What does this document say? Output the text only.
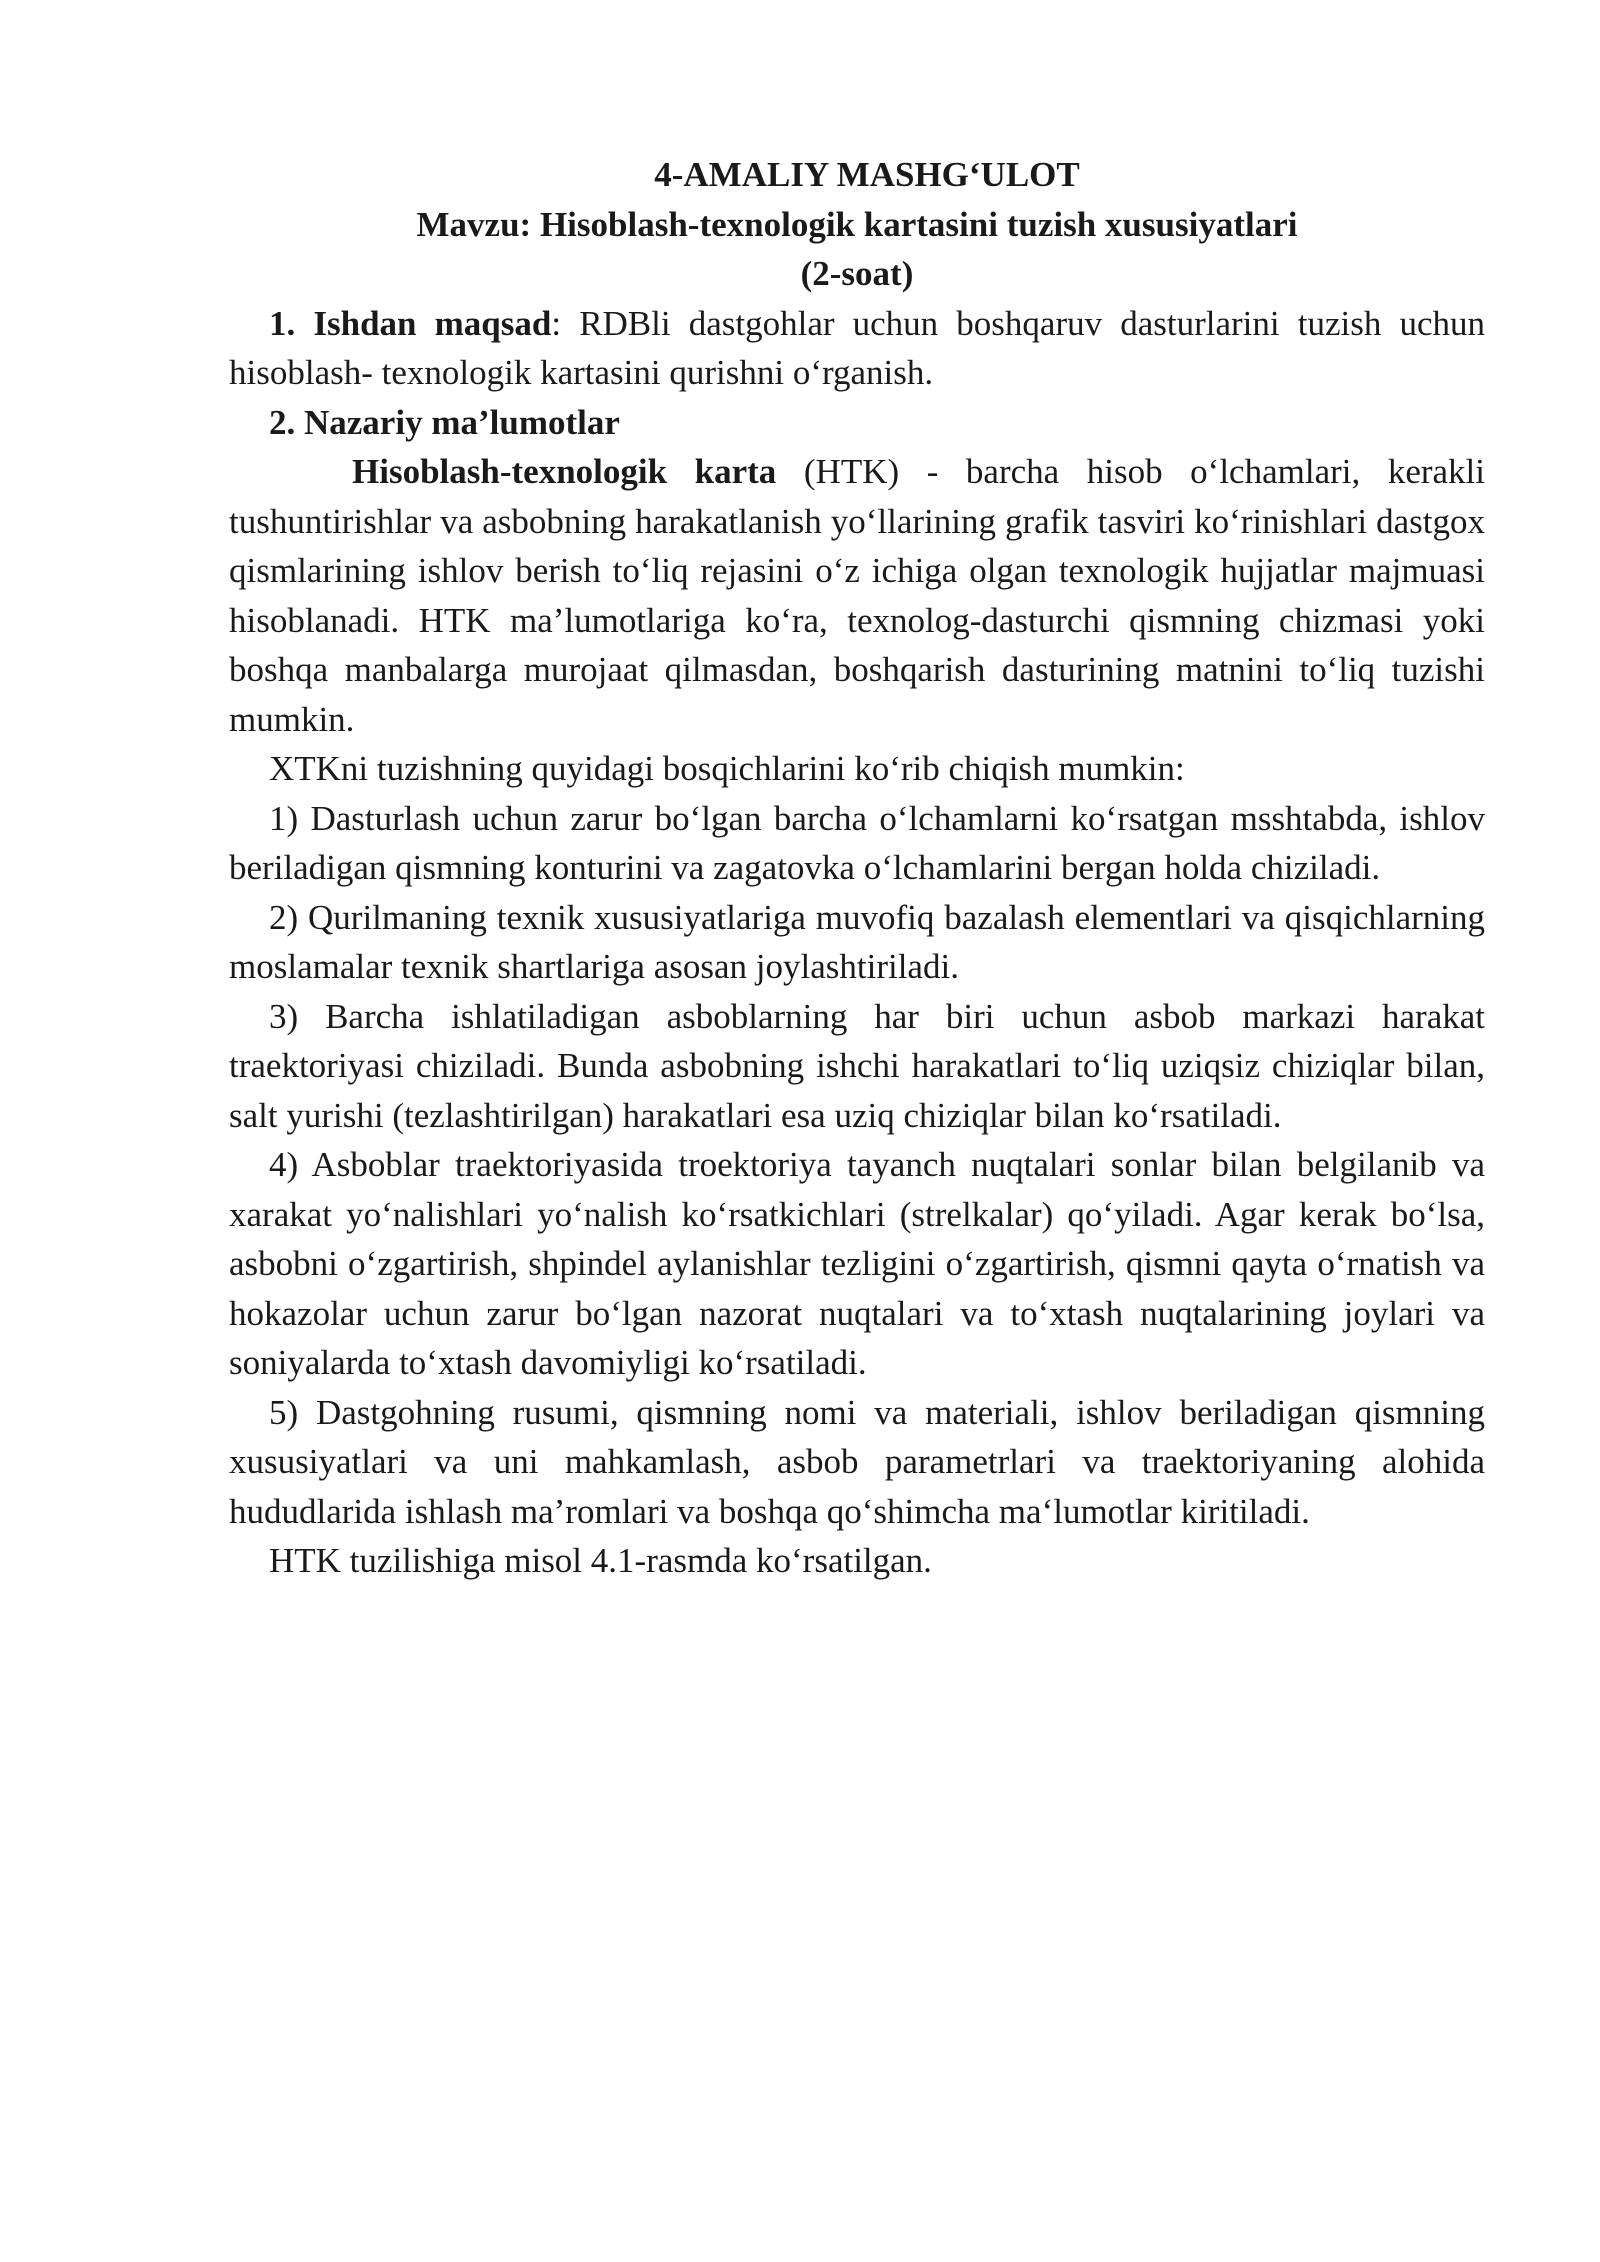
4-AMALIY MASHG‘ULOT
Mavzu: Hisoblash-texnologik kartasini tuzish xususiyatlari
(2-soat)

1. Ishdan maqsad: RDBli dastgohlar uchun boshqaruv dasturlarini tuzish uchun hisoblash- texnologik kartasini qurishni o‘rganish.

2. Nazariy ma’lumotlar

Hisoblash-texnologik karta (HTK) - barcha hisob o‘lchamlari, kerakli tushuntirishlar va asbobning harakatlanish yo‘llarining grafik tasviri ko‘rinishlari dastgox qismlarining ishlov berish to‘liq rejasini o‘z ichiga olgan texnologik hujjatlar majmuasi hisoblanadi. HTK ma’lumotlariga ko‘ra, texnolog-dasturchi qismning chizmasi yoki boshqa manbalarga murojaat qilmasdan, boshqarish dasturining matnini to‘liq tuzishi mumkin.

XTKni tuzishning quyidagi bosqichlarini ko‘rib chiqish mumkin:

1) Dasturlash uchun zarur bo‘lgan barcha o‘lchamlarni ko‘rsatgan msshtabda, ishlov beriladigan qismning konturini va zagatovka o‘lchamlarini bergan holda chiziladi.

2) Qurilmaning texnik xususiyatlariga muvofiq bazalash elementlari va qisqichlarning moslamalar texnik shartlariga asosan joylashtiriladi.

3) Barcha ishlatiladigan asboblarning har biri uchun asbob markazi harakat traektoriyasi chiziladi. Bunda asbobning ishchi harakatlari to‘liq uziqsiz chiziqlar bilan, salt yurishi (tezlashtirilgan) harakatlari esa uziq chiziqlar bilan ko‘rsatiladi.

4) Asboblar traektoriyasida troektoriya tayanch nuqtalari sonlar bilan belgilanib va xarakat yo‘nalishlari yo‘nalish ko‘rsatkichlari (strelkalar) qo‘yiladi. Agar kerak bo‘lsa, asbobni o‘zgartirish, shpindel aylanishlar tezligini o‘zgartirish, qismni qayta o‘rnatish va hokazolar uchun zarur bo‘lgan nazorat nuqtalari va to‘xtash nuqtalarining joylari va soniyalarda to‘xtash davomiyligi ko‘rsatiladi.

5) Dastgohning rusumi, qismning nomi va materiali, ishlov beriladigan qismning xususiyatlari va uni mahkamlash, asbob parametrlari va traektoriyaning alohida hududlarida ishlash ma’romlari va boshqa qo‘shimcha ma‘lumotlar kiritiladi.

HTK tuzilishiga misol 4.1-rasmda ko‘rsatilgan.
